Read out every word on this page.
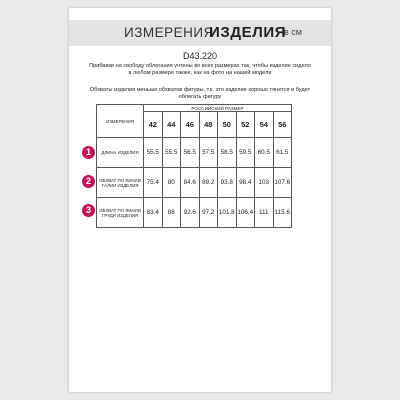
ИЗМЕРЕНИЯ
ИЗДЕЛИЯ
в см
D43.220
Прибавки на свободу облегания учтены во всех размерах так, чтобы изделие сидело в любом размере также, как на фото на нашей модели
Обхваты изделия меньше обхватов фигуры, т.к. это изделие хорошо тянется и будет облегать фигуру
1
2
3
ИЗМЕРЕНИЯ	РОССИЙСКИЙ РАЗМЕР							
	42	44	46	48	50	52	54	56
ДЛИНА ИЗДЕЛИЯ	55.5	55.5	56.5	57.5	58.5	59.5	60.5	61.5
ОБХВАТ ПО ЛИНИИ ТАЛИИ ИЗДЕЛИЯ	75.4	80	84.6	89.2	93.8	98.4	103	107.6
ОБХВАТ ПО ЛИНИИ ГРУДИ ИЗДЕЛИЯ	83.4	88	92.6	97.2	101.8	106.4	111	115.6
